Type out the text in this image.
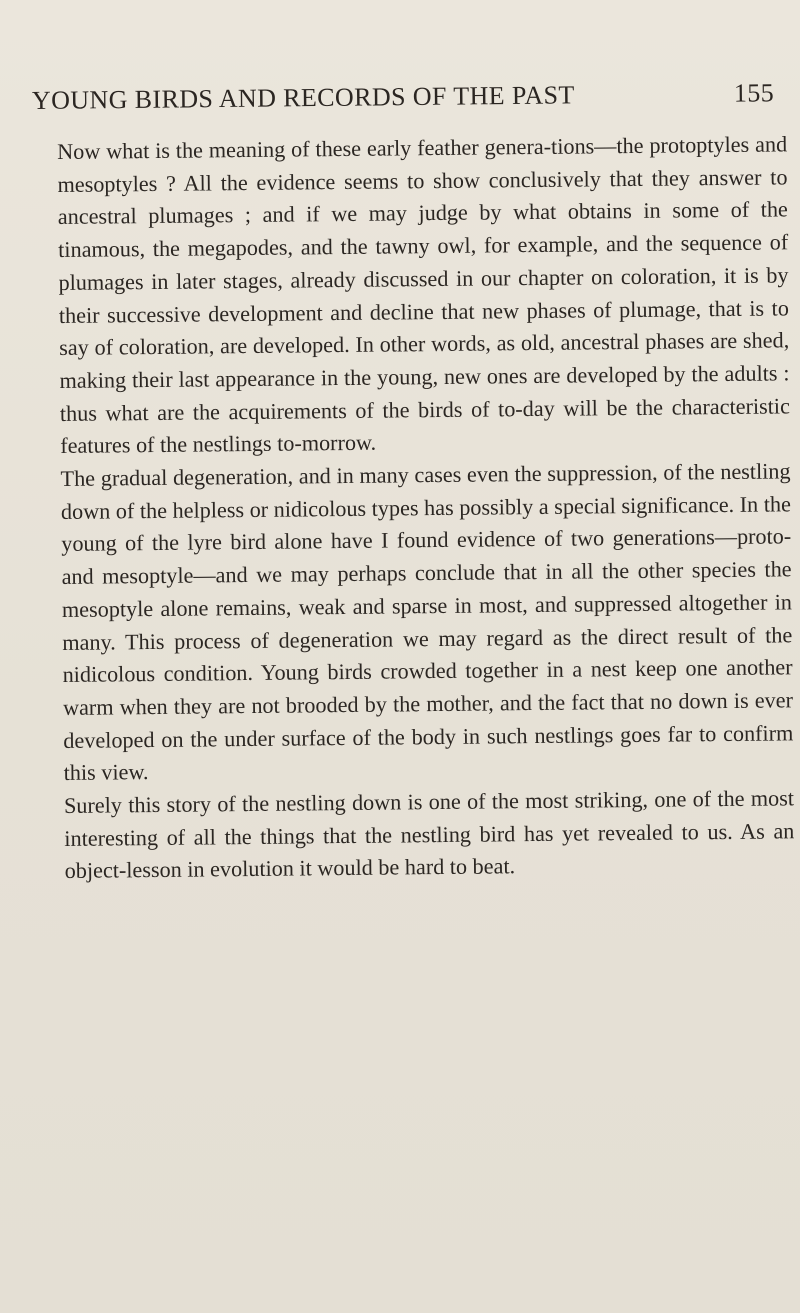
YOUNG BIRDS AND RECORDS OF THE PAST	155

Now what is the meaning of these early feather genera-tions—the protoptyles and mesoptyles ? All the evidence seems to show conclusively that they answer to ancestral plumages ; and if we may judge by what obtains in some of the tinamous, the megapodes, and the tawny owl, for example, and the sequence of plumages in later stages, already discussed in our chapter on coloration, it is by their successive development and decline that new phases of plumage, that is to say of coloration, are developed. In other words, as old, ancestral phases are shed, making their last appearance in the young, new ones are developed by the adults : thus what are the acquirements of the birds of to-day will be the characteristic features of the nestlings to-morrow.

The gradual degeneration, and in many cases even the suppression, of the nestling down of the helpless or nidicolous types has possibly a special significance. In the young of the lyre bird alone have I found evidence of two generations—proto- and mesoptyle—and we may perhaps conclude that in all the other species the mesoptyle alone remains, weak and sparse in most, and suppressed altogether in many. This process of degeneration we may regard as the direct result of the nidicolous condition. Young birds crowded together in a nest keep one another warm when they are not brooded by the mother, and the fact that no down is ever developed on the under surface of the body in such nestlings goes far to confirm this view.

Surely this story of the nestling down is one of the most striking, one of the most interesting of all the things that the nestling bird has yet revealed to us. As an object-lesson in evolution it would be hard to beat.
